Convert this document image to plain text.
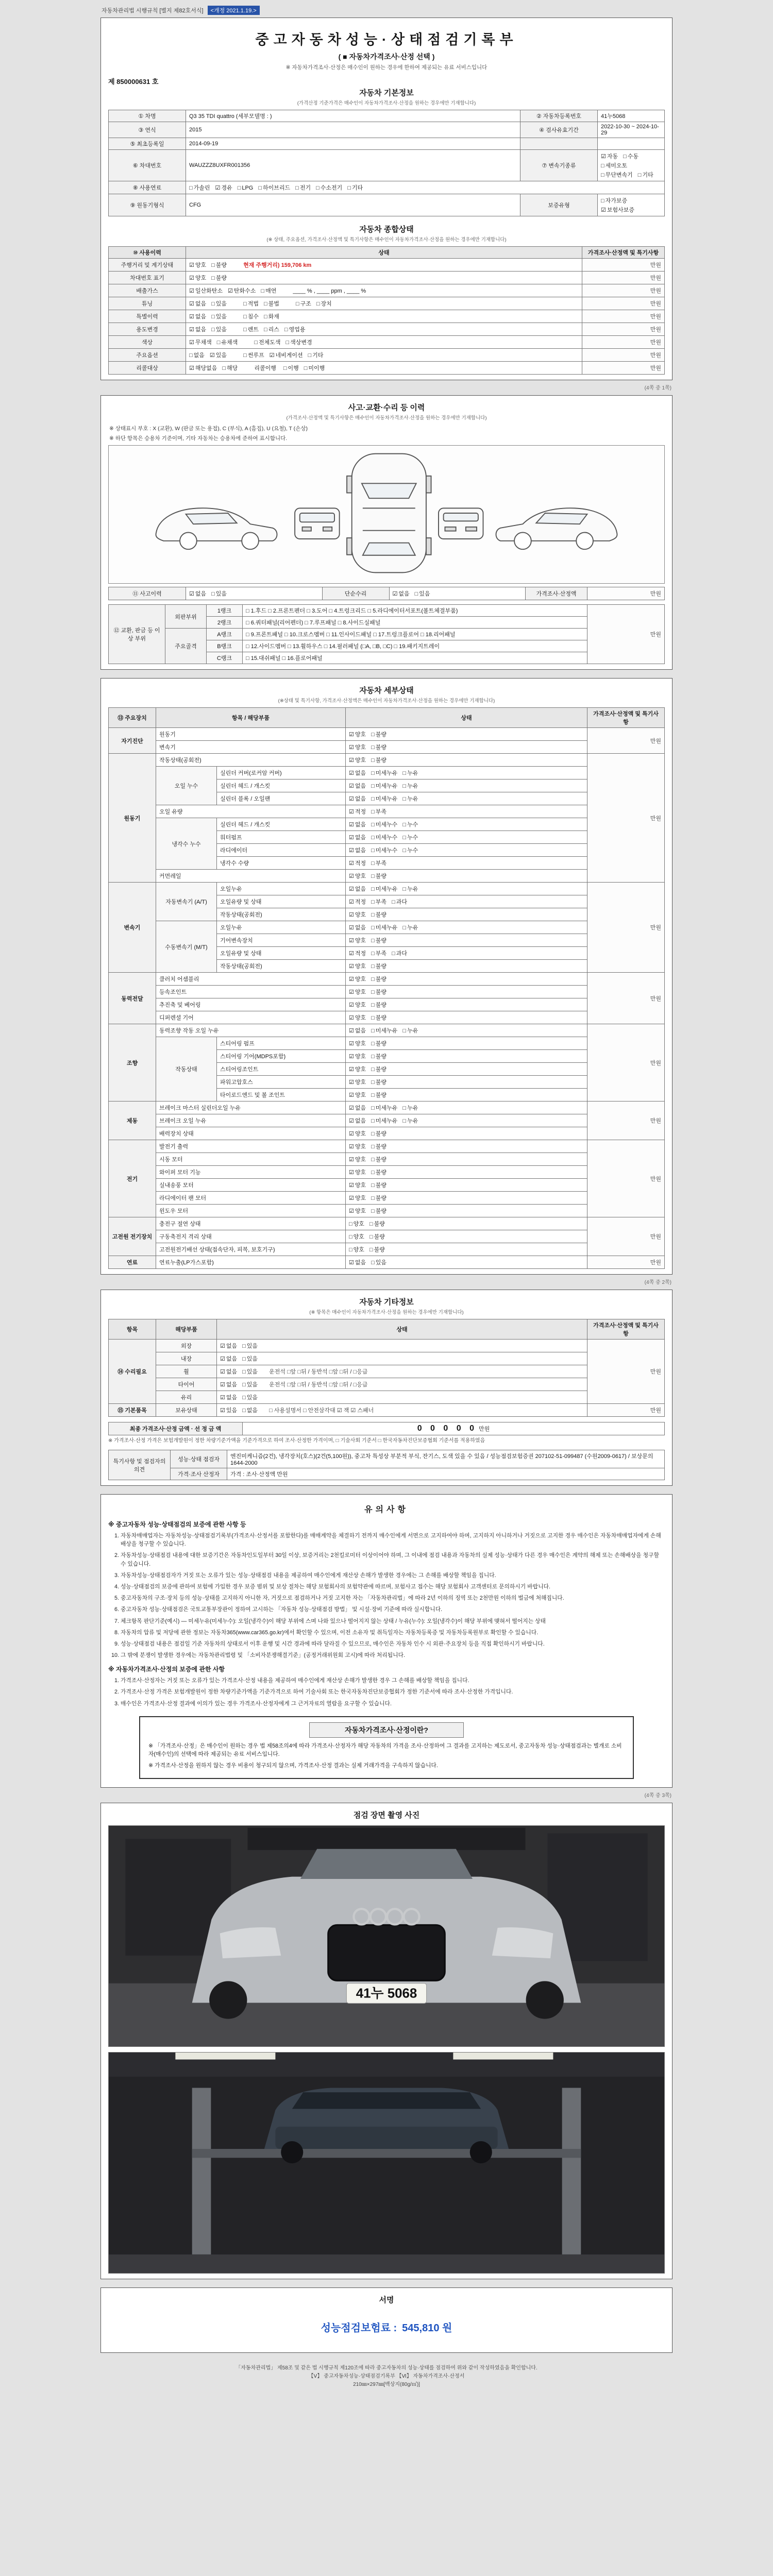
자동차관리법 시행규칙 [별지 제82호서식]	<개정 2021.1.19.>
중고자동차성능·상태점검기록부
( ■ 자동차가격조사·산정 선택 )
※ 자동차가격조사·산정은 매수인이 원하는 경우에 한하여 제공되는 유료 서비스입니다
제 850000631 호
자동차 기본정보
(가격산정 기준가격은 매수인이 자동차가격조사·산정을 원하는 경우에만 기재합니다)
① 차명	Q3 35 TDI quattro (세부모델명 : )	② 자동차등록번호	41누5068
③ 연식	2015	④ 검사유효기간	2022-10-30 ~ 2024-10-29
⑤ 최초등록일	2014-09-19		
⑥ 차대번호	WAUZZZ8UXFR001356	⑦ 변속기종류	☑ 자동 □ 수동□ 세미오토□ 무단변속기 □ 기타
⑧ 사용연료	□ 가솔린 ☑ 경유 □ LPG □ 하이브리드 □ 전기 □ 수소전기 □ 기타		
⑨ 원동기형식	CFG	보증유형	□ 자가보증☑ 보험사보증
자동차 종합상태
(※ 상태, 주요옵션, 가격조사·산정액 및 특기사항은 매수인이 자동차가격조사·산정을 원하는 경우에만 기재합니다)
⑩ 사용이력	상태	가격조사·산정액 및 특기사항
주행거리 및 계기상태	☑ 양호 □ 불량 현재 주행거리) 159,706 km	만원
차대번호 표기	☑ 양호 □ 불량	만원
배출가스	☑ 일산화탄소 ☑ 탄화수소 □ 매연 ____ % , ____ ppm , ____ %	만원
튜닝	☑ 없음 □ 있음 □ 적법 □ 불법 □ 구조 □ 장치	만원
특별이력	☑ 없음 □ 있음 □ 침수 □ 화재	만원
용도변경	☑ 없음 □ 있음 □ 렌트 □ 리스 □ 영업용	만원
색상	☑ 무채색 □ 유채색 □ 전체도색 □ 색상변경	만원
주요옵션	□ 없음 ☑ 있음 □ 썬루프 ☑ 네비게이션 □ 기타	만원
리콜대상	☑ 해당없음 □ 해당 리콜이행 □ 이행 □ 미이행	만원
(4쪽 중 1쪽)
사고·교환·수리 등 이력
(가격조사·산정액 및 특기사항은 매수인이 자동차가격조사·산정을 원하는 경우에만 기재합니다)
※ 상태표시 부호 : X (교환), W (판금 또는 용접), C (부식), A (흠집), U (요철), T (손상)
※ 하단 항목은 승용차 기준이며, 기타 자동차는 승용차에 준하여 표시합니다.
⑪ 사고이력	☑ 없음 □ 있음	단순수리	☑ 없음 □ 있음	가격조사·산정액	만원
⑫ 교환, 판금 등 이상 부위	외판부위	1랭크	□ 1.후드 □ 2.프론트펜더 □ 3.도어 □ 4.트렁크리드 □ 5.라디에이터서포트(볼트체결부품)	만원
		2랭크	□ 6.쿼터패널(리어펜더) □ 7.루프패널 □ 8.사이드실패널	
	주요골격	A랭크	□ 9.프론트패널 □ 10.크로스멤버 □ 11.인사이드패널 □ 17.트렁크플로어 □ 18.리어패널	
		B랭크	□ 12.사이드멤버 □ 13.휠하우스 □ 14.필러패널 (□A, □B, □C) □ 19.패키지트레이	
		C랭크	□ 15.대쉬패널 □ 16.플로어패널	
자동차 세부상태
(※상태 및 특기사항, 가격조사·산정액은 매수인이 자동차가격조사·산정을 원하는 경우에만 기재합니다)
⑬ 주요장치	항목 / 해당부품		상태	가격조사·산정액 및 특기사항
자기진단	원동기		☑ 양호 □ 불량	만원
	변속기		☑ 양호 □ 불량	
원동기	작동상태(공회전)		☑ 양호 □ 불량	만원
	오일 누수	실린더 커버(로커암 커버)	☑ 없음 □ 미세누유 □ 누유	
		실린더 헤드 / 개스킷	☑ 없음 □ 미세누유 □ 누유	
		실린더 블록 / 오일팬	☑ 없음 □ 미세누유 □ 누유	
	오일 유량		☑ 적정 □ 부족	
	냉각수 누수	실린더 헤드 / 개스킷	☑ 없음 □ 미세누수 □ 누수	
		워터펌프	☑ 없음 □ 미세누수 □ 누수	
		라디에이터	☑ 없음 □ 미세누수 □ 누수	
		냉각수 수량	☑ 적정 □ 부족	
	커먼레일		☑ 양호 □ 불량	
변속기	자동변속기 (A/T)	오일누유	☑ 없음 □ 미세누유 □ 누유	만원
		오일유량 및 상태	☑ 적정 □ 부족 □ 과다	
		작동상태(공회전)	☑ 양호 □ 불량	
	수동변속기 (M/T)	오일누유	☑ 없음 □ 미세누유 □ 누유	
		기어변속장치	☑ 양호 □ 불량	
		오일유량 및 상태	☑ 적정 □ 부족 □ 과다	
		작동상태(공회전)	☑ 양호 □ 불량	
동력전달	클러치 어셈블리		☑ 양호 □ 불량	만원
	등속조인트		☑ 양호 □ 불량	
	추진축 및 베어링		☑ 양호 □ 불량	
	디퍼렌셜 기어		☑ 양호 □ 불량	
조향	동력조향 작동 오일 누유		☑ 없음 □ 미세누유 □ 누유	만원
	작동상태	스티어링 펌프	☑ 양호 □ 불량	
		스티어링 기어(MDPS포함)	☑ 양호 □ 불량	
		스티어링조인트	☑ 양호 □ 불량	
		파워고압호스	☑ 양호 □ 불량	
		타이로드엔드 및 볼 조인트	☑ 양호 □ 불량	
제동	브레이크 마스터 실린더오일 누유		☑ 없음 □ 미세누유 □ 누유	만원
	브레이크 오일 누유		☑ 없음 □ 미세누유 □ 누유	
	배력장치 상태		☑ 양호 □ 불량	
전기	발전기 출력		☑ 양호 □ 불량	만원
	시동 모터		☑ 양호 □ 불량	
	와이퍼 모터 기능		☑ 양호 □ 불량	
	실내송풍 모터		☑ 양호 □ 불량	
	라디에이터 팬 모터		☑ 양호 □ 불량	
	윈도우 모터		☑ 양호 □ 불량	
고전원 전기장치	충전구 절연 상태		□ 양호 □ 불량	만원
	구동축전지 격리 상태		□ 양호 □ 불량	
	고전원전기배선 상태(접속단자, 피복, 보호기구)		□ 양호 □ 불량	
연료	연료누출(LP가스포함)		☑ 없음 □ 있음	만원
(4쪽 중 2쪽)
자동차 기타정보
(※ 항목은 매수인이 자동차가격조사·산정을 원하는 경우에만 기재합니다)
항목	해당부품	상태	가격조사·산정액 및 특기사항
⑭ 수리필요	외장	☑ 없음 □ 있음	만원
	내장	☑ 없음 □ 있음	
	휠	☑ 없음 □ 있음 운전석 □앞 □뒤 / 동반석 □앞 □뒤 / □응급	
	타이어	☑ 없음 □ 있음 운전석 □앞 □뒤 / 동반석 □앞 □뒤 / □응급	
	유리	☑ 없음 □ 있음	
⑮ 기본품목	보유상태	☑ 있음 □ 없음 □ 사용설명서 □ 안전삼각대 ☑ 잭 ☑ 스패너	만원
최종 가격조사·산정 금액 · 선 정 금 액	0 0 0 0 0 만원
※ 가격조사·산정 가격은 보험개발원이 정한 차량기준가액을 기준가격으로 하여 조사·산정한 가격이며, □ 기술사회 기준서 □ 한국자동차진단보증협회 기준서를 적용하였음
특기사항 및 점검자의 의견	성능·상태 점검자	엔진미케니즘(2건), 냉각장치(호스)(2건(5,100원)), 중고차 특성상 부분적 부식, 잔기스, 도색 있을 수 있음 / 성능점검보험증권 207102-51-099487 (수원2009-0617) / 보상문의 1644-2000
	가격·조사 산정자	가격 : 조사·산정액 만원
유의사항
※ 중고자동차 성능·상태점검의 보증에 관한 사항 등
1. 자동차매매업자는 자동차성능·상태점검기록부(가격조사·산정서를 포함한다)를 매매계약을 체결하기 전까지 매수인에게 서면으로 고지하여야 하며, 고지하지 아니하거나 거짓으로 고지한 경우 매수인은 자동차매매업자에게 손해배상을 청구할 수 있습니다.
2. 자동차성능·상태점검 내용에 대한 보증기간은 자동차인도일부터 30일 이상, 보증거리는 2천킬로미터 이상이어야 하며, 그 이내에 점검 내용과 자동차의 실제 성능·상태가 다른 경우 매수인은 계약의 해제 또는 손해배상을 청구할 수 있습니다.
3. 자동차성능·상태점검자가 거짓 또는 오류가 있는 성능·상태점검 내용을 제공하여 매수인에게 재산상 손해가 발생한 경우에는 그 손해를 배상할 책임을 집니다.
4. 성능·상태점검의 보증에 관하여 보험에 가입한 경우 보증 범위 및 보상 절차는 해당 보험회사의 보험약관에 따르며, 보험사고 접수는 해당 보험회사 고객센터로 문의하시기 바랍니다.
5. 중고자동차의 구조·장치 등의 성능·상태를 고지하지 아니한 자, 거짓으로 점검하거나 거짓 고지한 자는 「자동차관리법」에 따라 2년 이하의 징역 또는 2천만원 이하의 벌금에 처해집니다.
6. 중고자동차 성능·상태점검은 국토교통부장관이 정하여 고시하는 「자동차 성능·상태점검 방법」 및 시설·장비 기준에 따라 실시합니다.
7. 체크항목 판단기준(예시) — 미세누유(미세누수): 오일(냉각수)이 해당 부위에 스며 나와 있으나 떨어지지 않는 상태 / 누유(누수): 오일(냉각수)이 해당 부위에 맺혀서 떨어지는 상태
8. 자동차의 압류 및 저당에 관한 정보는 자동차365(www.car365.go.kr)에서 확인할 수 있으며, 이전 소유자 및 취득일자는 자동차등록증 및 자동차등록원부로 확인할 수 있습니다.
9. 성능·상태점검 내용은 점검일 기준 자동차의 상태로서 이후 운행 및 시간 경과에 따라 달라질 수 있으므로, 매수인은 자동차 인수 시 외관·주요장치 등을 직접 확인하시기 바랍니다.
10. 그 밖에 분쟁이 발생한 경우에는 자동차관리법령 및 「소비자분쟁해결기준」(공정거래위원회 고시)에 따라 처리됩니다.
※ 자동차가격조사·산정의 보증에 관한 사항
1. 가격조사·산정자는 거짓 또는 오류가 있는 가격조사·산정 내용을 제공하여 매수인에게 재산상 손해가 발생한 경우 그 손해를 배상할 책임을 집니다.
2. 가격조사·산정 가격은 보험개발원이 정한 차량기준가액을 기준가격으로 하여 기술사회 또는 한국자동차진단보증협회가 정한 기준서에 따라 조사·산정한 가격입니다.
3. 매수인은 가격조사·산정 결과에 이의가 있는 경우 가격조사·산정자에게 그 근거자료의 열람을 요구할 수 있습니다.
자동차가격조사·산정이란?

※ 「가격조사·산정」은 매수인이 원하는 경우 법 제58조의4에 따라 가격조사·산정자가 해당 자동차의 가격을 조사·산정하여 그 결과를 고지하는 제도로서, 중고자동차 성능·상태점검과는 별개로 소비자(매수인)의 선택에 따라 제공되는 유료 서비스입니다.

※ 가격조사·산정을 원하지 않는 경우 비용이 청구되지 않으며, 가격조사·산정 결과는 실제 거래가격을 구속하지 않습니다.

(4쪽 중 3쪽)
점검 장면 촬영 사진
41누 5068
서명
성능점검보험료 : 545,810 원
「자동차관리법」 제58조 및 같은 법 시행규칙 제120조에 따라 중고자동차의 성능·상태를 점검하여 위와 같이 작성하였음을 확인합니다.
【Ⅴ】 중고자동차성능·상태점검기록부 【Ⅵ】 자동차가격조사·산정서
210㎜×297㎜[백상지(80g/㎡)]
